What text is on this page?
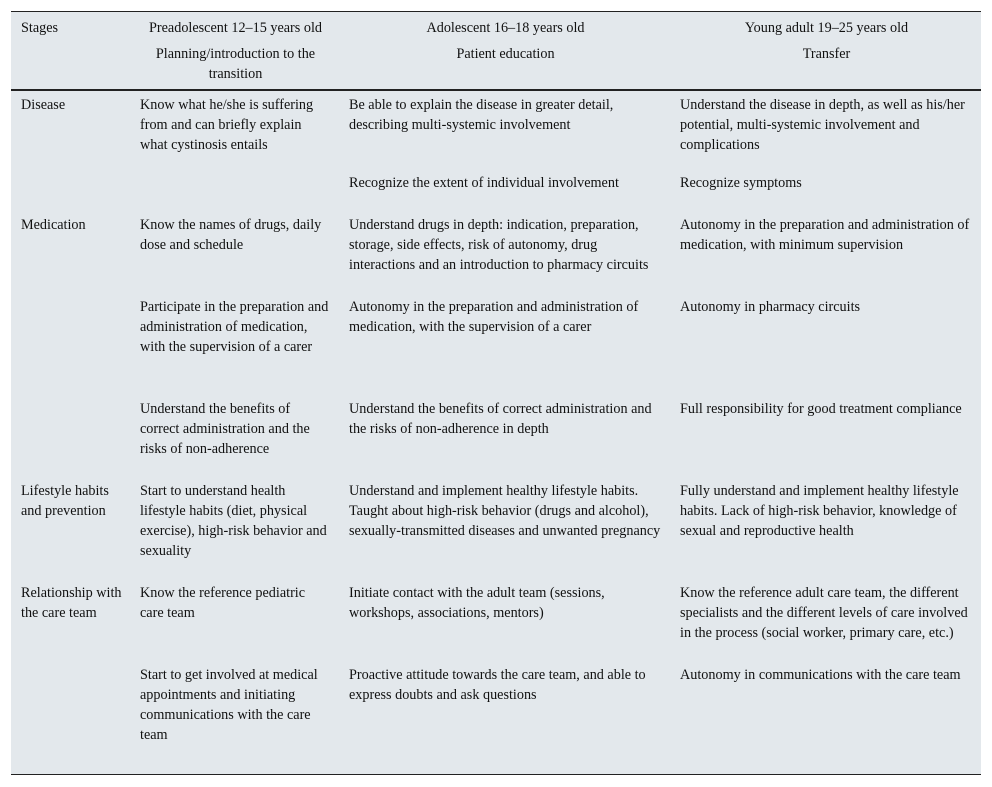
Stages	Preadolescent 12–15 years old	Adolescent 16–18 years old	Young adult 19–25 years old
	Planning/introduction to the transition	Patient education	Transfer
Disease	Know what he/she is suffering from and can briefly explain what cystinosis entails	Be able to explain the disease in greater detail, describing multi-systemic involvement	Understand the disease in depth, as well as his/her potential, multi-systemic involvement and complications
		Recognize the extent of individual involvement	Recognize symptoms
Medication	Know the names of drugs, daily dose and schedule	Understand drugs in depth: indication, preparation, storage, side effects, risk of autonomy, drug interactions and an introduction to pharmacy circuits	Autonomy in the preparation and administration of medication, with minimum supervision
	Participate in the preparation and administration of medication, with the supervision of a carer	Autonomy in the preparation and administration of medication, with the supervision of a carer	Autonomy in pharmacy circuits
	Understand the benefits of correct administration and the risks of non-adherence	Understand the benefits of correct administration and the risks of non-adherence in depth	Full responsibility for good treatment compliance
Lifestyle habits and prevention	Start to understand health lifestyle habits (diet, physical exercise), high-risk behavior and sexuality	Understand and implement healthy lifestyle habits. Taught about high-risk behavior (drugs and alcohol), sexually-transmitted diseases and unwanted pregnancy	Fully understand and implement healthy lifestyle habits. Lack of high-risk behavior, knowledge of sexual and reproductive health
Relationship with the care team	Know the reference pediatric care team	Initiate contact with the adult team (sessions, workshops, associations, mentors)	Know the reference adult care team, the different specialists and the different levels of care involved in the process (social worker, primary care, etc.)
	Start to get involved at medical appointments and initiating communications with the care team	Proactive attitude towards the care team, and able to express doubts and ask questions	Autonomy in communications with the care team
